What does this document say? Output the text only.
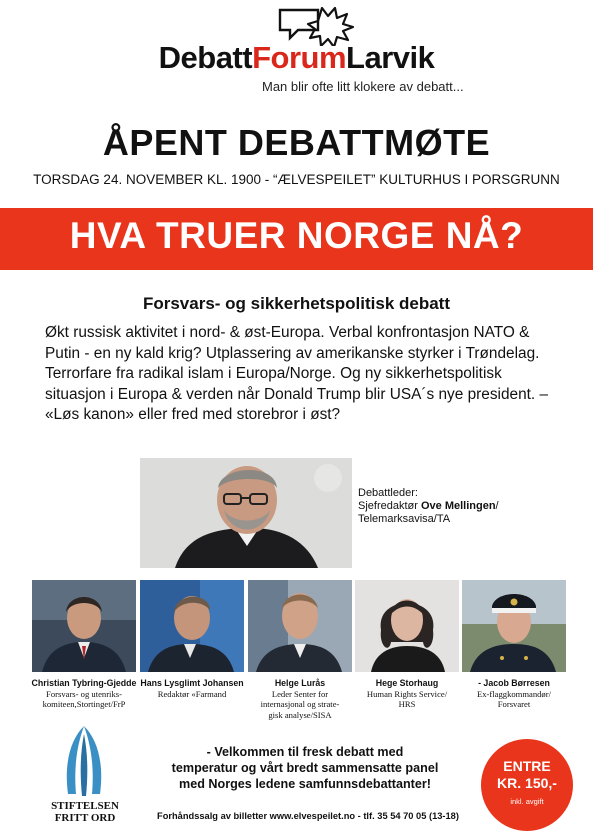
DebattForumLarvik
Man blir ofte litt klokere av debatt...
ÅPENT DEBATTMØTE
TORSDAG 24. NOVEMBER KL. 1900 - “ÆLVESPEILET” KULTURHUS I PORSGRUNN
HVA TRUER NORGE NÅ?
Forsvars- og sikkerhetspolitisk debatt
Økt russisk aktivitet i nord- & øst-Europa. Verbal konfrontasjon NATO & Putin - en ny kald krig? Utplassering av amerikanske styrker i Trøndelag. Terrorfare fra radikal islam i Europa/Norge. Og ny sikkerhetspolitisk situasjon i Europa & verden når Donald Trump blir USA´s nye president. – «Løs kanon» eller fred med storebror i øst?
Debattleder:
Sjefredaktør Ove Mellingen/
Telemarksavisa/TA
Christian Tybring-Gjedde
Forsvars- og utenriks-
komiteen,Stortinget/FrP
Hans Lysglimt Johansen
Redaktør «Farmand
Helge Lurås
Leder Senter for
internasjonal og strate-
gisk analyse/SISA
Hege Storhaug
Human Rights Service/
HRS
- Jacob Børresen
Ex-flaggkommandør/
Forsvaret
STIFTELSEN
FRITT ORD
- Velkommen til fresk debatt med
temperatur og vårt bredt sammensatte panel
med Norges ledene samfunnsdebattanter!
Forhåndssalg av billetter www.elvespeilet.no - tlf. 35 54 70 05 (13-18)
ENTRE
KR. 150,-
inkl. avgift
